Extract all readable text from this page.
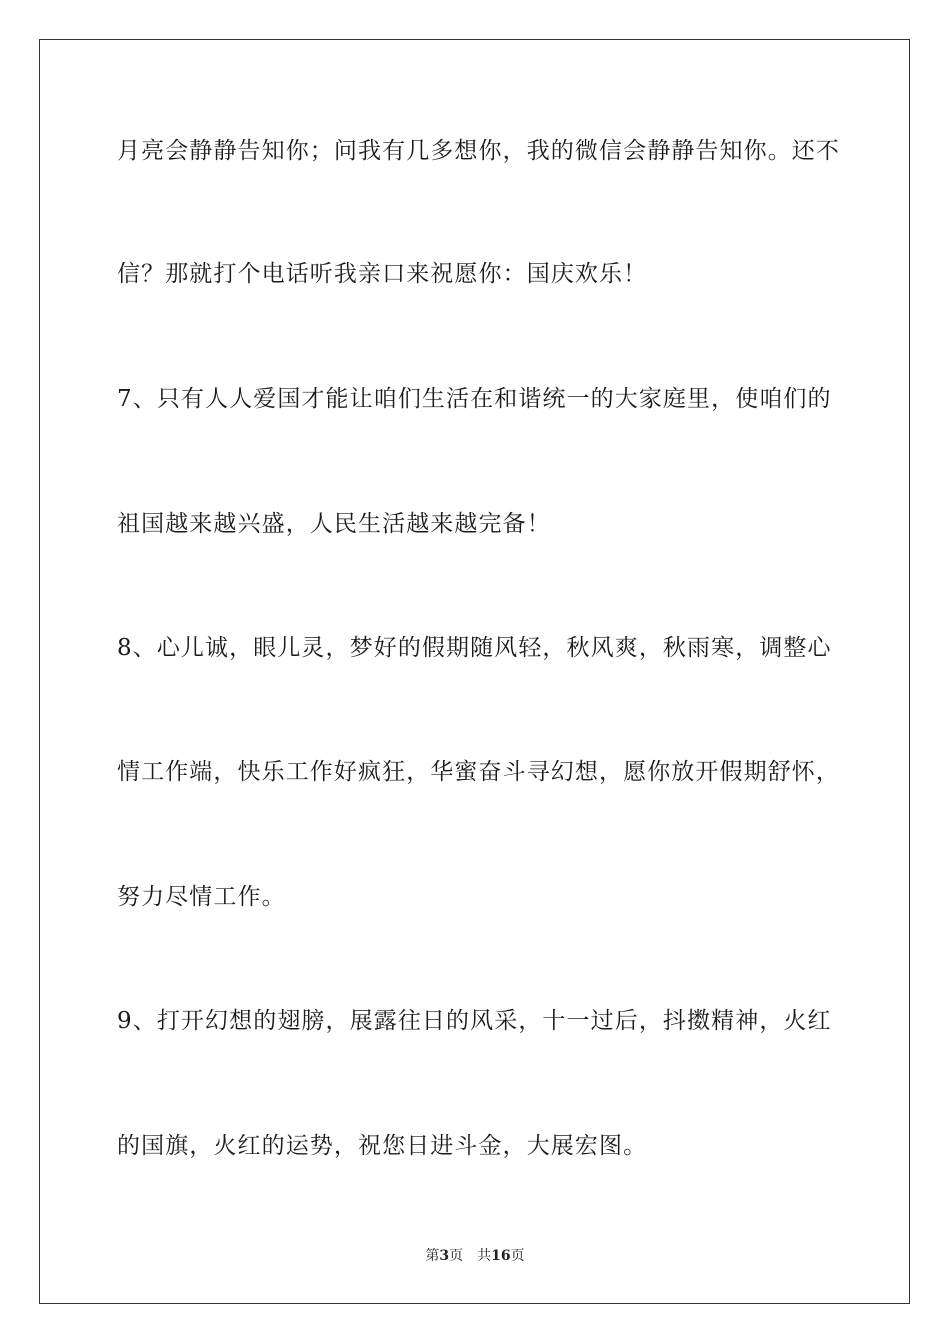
月亮会静静告知你；问我有几多想你，我的微信会静静告知你。还不
信？那就打个电话听我亲口来祝愿你：国庆欢乐！
7、只有人人爱国才能让咱们生活在和谐统一的大家庭里，使咱们的
祖国越来越兴盛，人民生活越来越完备！
8、心儿诚，眼儿灵，梦好的假期随风轻，秋风爽，秋雨寒，调整心
情工作端，快乐工作好疯狂，华蜜奋斗寻幻想，愿你放开假期舒怀，
努力尽情工作。
9、打开幻想的翅膀，展露往日的风采，十一过后，抖擞精神，火红
的国旗，火红的运势，祝您日进斗金，大展宏图。
第3页 共16页
